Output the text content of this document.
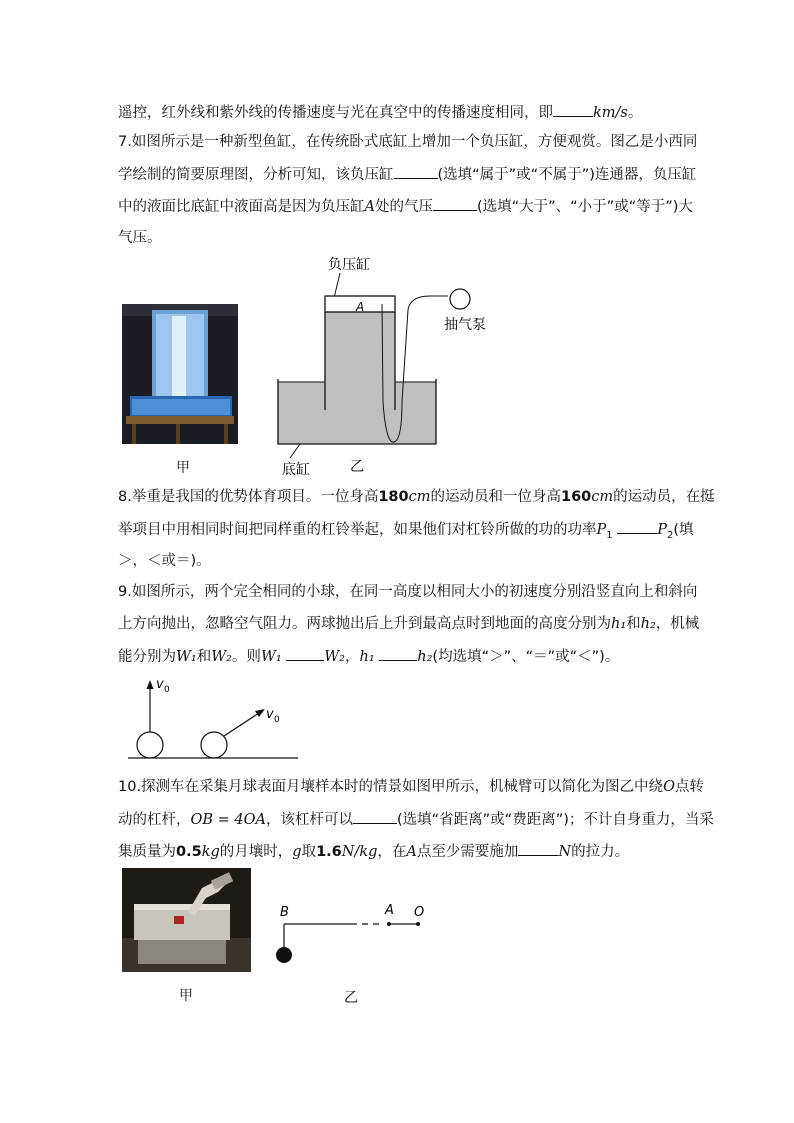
遥控，红外线和紫外线的传播速度与光在真空中的传播速度相同，即	km/s。
7.如图所示是一种新型鱼缸，在传统卧式底缸上增加一个负压缸，方便观赏。图乙是小西同
学绘制的简要原理图，分析可知，该负压缸	(选填“属于”或“不属于”)连通器，负压缸
中的液面比底缸中液面高是因为负压缸A处的气压	(选填“大于”、“小于”或“等于”)大
气压。
甲
负压缸
A
抽气泵
底缸	乙
8.举重是我国的优势体育项目。一位身高180cm的运动员和一位身高160cm的运动员，在挺
举项目中用相同时间把同样重的杠铃举起，如果他们对杠铃所做的功的功率$P_1$	$P_2$(填
＞，＜或＝)。
9.如图所示，两个完全相同的小球，在同一高度以相同大小的初速度分别沿竖直向上和斜向
上方向抛出，忽略空气阻力。两球抛出后上升到最高点时到地面的高度分别为h₁和h₂，机械
能分别为W₁和W₂。则W₁	W₂，h₁	h₂(均选填“＞”、“＝”或“＜”)。
v 0
v 0
10.探测车在采集月球表面月壤样本时的情景如图甲所示，机械臂可以简化为图乙中绕O点转
动的杠杆，OB = 4OA，该杠杆可以	(选填“省距离”或“费距离”)；不计自身重力，当采
集质量为0.5kg的月壤时，g取1.6N/kg，在A点至少需要施加	N的拉力。
甲
B	A O
乙
